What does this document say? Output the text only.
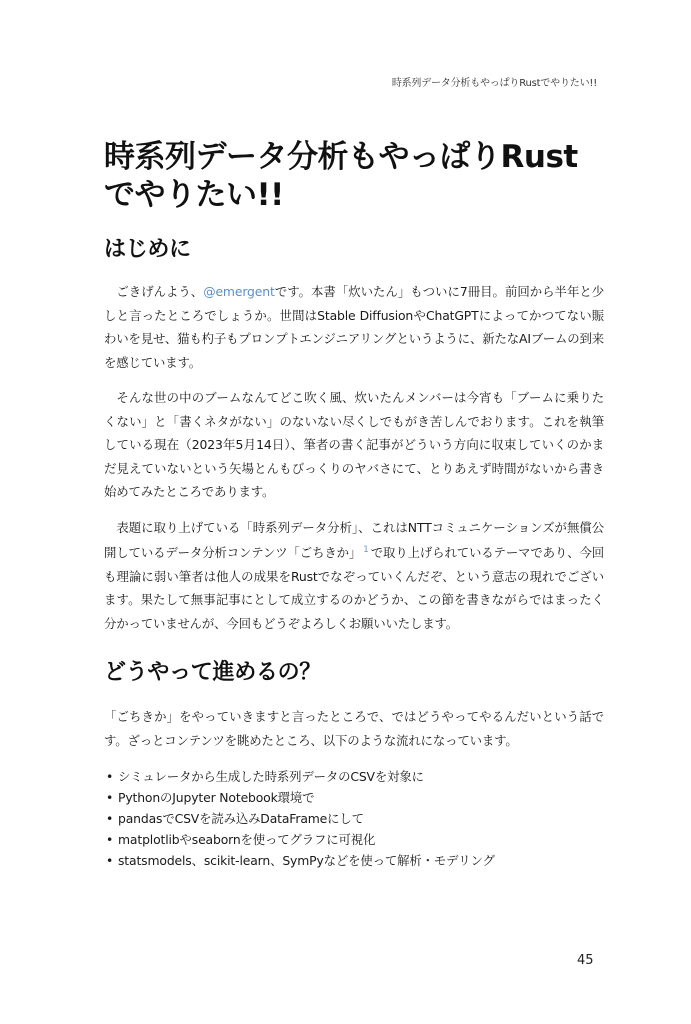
時系列データ分析もやっぱりRustでやりたい!!
時系列データ分析もやっぱりRustでやりたい!!
はじめに

ごきげんよう、@emergentです。本書「炊いたん」もついに7冊目。前回から半年と少しと言ったところでしょうか。世間はStable DiffusionやChatGPTによってかつてない賑わいを見せ、猫も杓子もプロンプトエンジニアリングというように、新たなAIブームの到来を感じています。

そんな世の中のブームなんてどこ吹く風、炊いたんメンバーは今宵も「ブームに乗りたくない」と「書くネタがない」のないない尽くしでもがき苦しんでおります。これを執筆している現在（2023年5月14日）、筆者の書く記事がどういう方向に収束していくのかまだ見えていないという矢場とんもびっくりのヤバさにて、とりあえず時間がないから書き始めてみたところであります。

表題に取り上げている「時系列データ分析」、これはNTTコミュニケーションズが無償公開しているデータ分析コンテンツ「ごちきか」 $^1$ で取り上げられているテーマであり、今回も理論に弱い筆者は他人の成果をRustでなぞっていくんだぞ、という意志の現れでございます。果たして無事記事にとして成立するのかどうか、この節を書きながらではまったく分かっていませんが、今回もどうぞよろしくお願いいたします。

どうやって進めるの？

「ごちきか」をやっていきますと言ったところで、ではどうやってやるんだいという話です。ざっとコンテンツを眺めたところ、以下のような流れになっています。

• シミュレータから生成した時系列データのCSVを対象に
• PythonのJupyter Notebook環境で
• pandasでCSVを読み込みDataFrameにして
• matplotlibやseabornを使ってグラフに可視化
• statsmodels、scikit-learn、SymPyなどを使って解析・モデリング
45
